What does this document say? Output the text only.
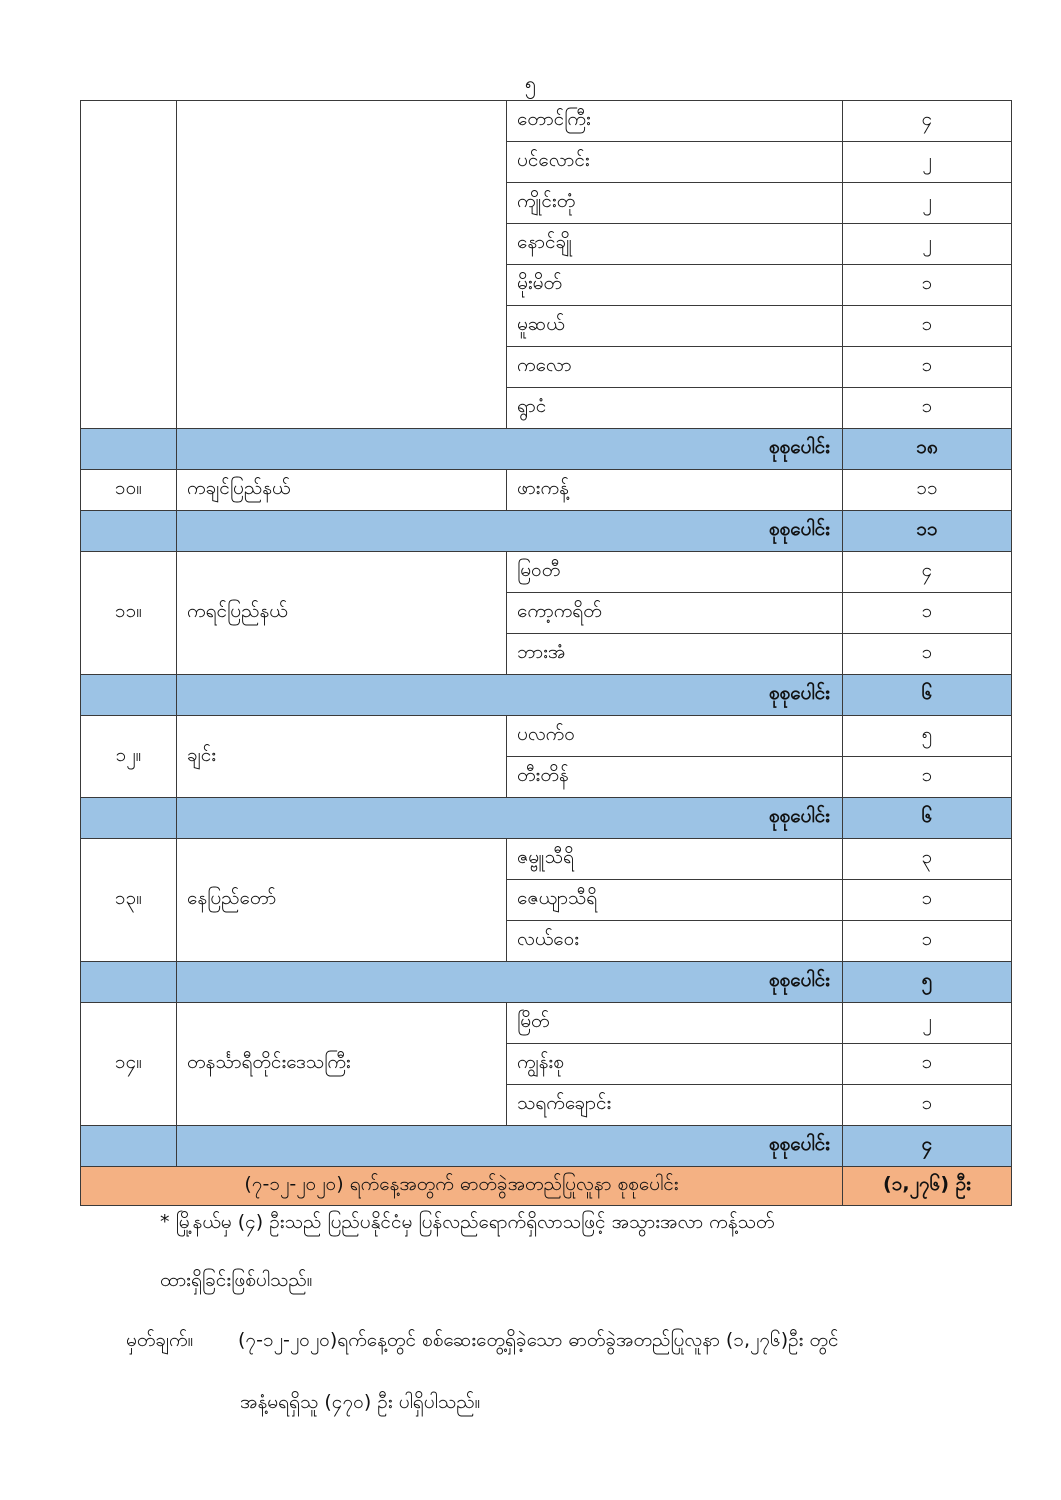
၅
		တောင်ကြီး	၄
		ပင်လောင်း	၂
		ကျိုင်းတုံ	၂
		နောင်ချို	၂
		မိုးမိတ်	၁
		မူဆယ်	၁
		ကလော	၁
		ရွာငံ	၁
	စုစုပေါင်း		၁၈
၁၀။	ကချင်ပြည်နယ်	ဖားကန့်	၁၁
	စုစုပေါင်း		၁၁
၁၁။	ကရင်ပြည်နယ်	မြဝတီ	၄
		ကော့ကရိတ်	၁
		ဘားအံ	၁
	စုစုပေါင်း		၆
၁၂။	ချင်း	ပလက်ဝ	၅
		တီးတိန်	၁
	စုစုပေါင်း		၆
၁၃။	နေပြည်တော်	ဇမ္ဗူသီရိ	၃
		ဇေယျာသီရိ	၁
		လယ်ဝေး	၁
	စုစုပေါင်း		၅
၁၄။	တနင်္သာရီတိုင်းဒေသကြီး	မြိတ်	၂
		ကျွန်းစု	၁
		သရက်ချောင်း	၁
	စုစုပေါင်း		၄
(၇-၁၂-၂၀၂၀) ရက်နေ့အတွက် ဓာတ်ခွဲအတည်ပြုလူနာ စုစုပေါင်း			(၁,၂၇၆) ဦး
* မြို့နယ်မှ (၄) ဦးသည် ပြည်ပနိုင်ငံမှ ပြန်လည်ရောက်ရှိလာသဖြင့် အသွားအလာ ကန့်သတ်
ထားရှိခြင်းဖြစ်ပါသည်။
မှတ်ချက်။ (၇-၁၂-၂၀၂၀)ရက်နေ့တွင် စစ်ဆေးတွေ့ရှိခဲ့သော ဓာတ်ခွဲအတည်ပြုလူနာ (၁,၂၇၆)ဦး တွင်
အနံ့မရရှိသူ (၄၇၀) ဦး ပါရှိပါသည်။
